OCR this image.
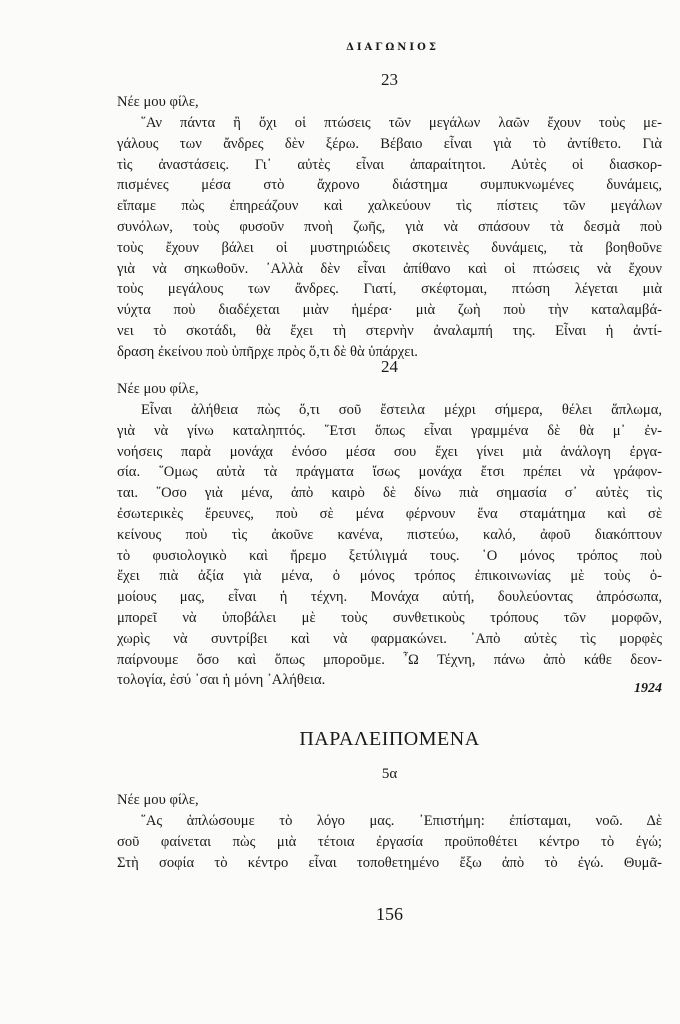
ΔΙΑΓΩΝΙΟΣ
23
Νέε μου φίλε,
῞Αν πάντα ἢ ὄχι οἱ πτώσεις τῶν μεγάλων λαῶν ἔχουν τοὺς με-
γάλους των ἄνδρες δὲν ξέρω. Βέβαιο εἶναι γιὰ τὸ ἀντίθετο. Γιὰ
τὶς ἀναστάσεις. Γι᾿ αὐτὲς εἶναι ἀπαραίτητοι. Αὐτὲς οἱ διασκορ-
πισμένες μέσα στὸ ἄχρονο διάστημα συμπυκνωμένες δυνάμεις,
εἴπαμε πὼς ἐπηρεάζουν καὶ χαλκεύουν τὶς πίστεις τῶν μεγάλων
συνόλων, τοὺς φυσοῦν πνοὴ ζωῆς, γιὰ νὰ σπάσουν τὰ δεσμὰ ποὺ
τοὺς ἔχουν βάλει οἱ μυστηριώδεις σκοτεινὲς δυνάμεις, τὰ βοηθοῦνε
γιὰ νὰ σηκωθοῦν. ᾿Αλλὰ δὲν εἶναι ἀπίθανο καὶ οἱ πτώσεις νὰ ἔχουν
τοὺς μεγάλους των ἄνδρες. Γιατί, σκέφτομαι, πτώση λέγεται μιὰ
νύχτα ποὺ διαδέχεται μιὰν ἡμέρα· μιὰ ζωὴ ποὺ τὴν καταλαμβά-
νει τὸ σκοτάδι, θὰ ἔχει τὴ στερνὴν ἀναλαμπή της. Εἶναι ἡ ἀντί-
δραση ἐκείνου ποὺ ὑπῆρχε πρὸς ὅ,τι δὲ θὰ ὑπάρχει.
24
Νέε μου φίλε,
Εἶναι ἀλήθεια πὼς ὅ,τι σοῦ ἔστειλα μέχρι σήμερα, θέλει ἅπλωμα,
γιὰ νὰ γίνω καταληπτός. ῞Ετσι ὅπως εἶναι γραμμένα δὲ θὰ μ᾿ ἐν-
νοήσεις παρὰ μονάχα ἐνόσο μέσα σου ἔχει γίνει μιὰ ἀνάλογη ἐργα-
σία. ῞Ομως αὐτὰ τὰ πράγματα ἴσως μονάχα ἔτσι πρέπει νὰ γράφον-
ται. ῞Οσο γιὰ μένα, ἀπὸ καιρὸ δὲ δίνω πιὰ σημασία σ᾿ αὐτὲς τὶς
ἐσωτερικὲς ἔρευνες, ποὺ σὲ μένα φέρνουν ἕνα σταμάτημα καὶ σὲ
κείνους ποὺ τὶς ἀκοῦνε κανένα, πιστεύω, καλό, ἀφοῦ διακόπτουν
τὸ φυσιολογικὸ καὶ ἤρεμο ξετύλιγμά τους. ῾Ο μόνος τρόπος ποὺ
ἔχει πιὰ ἀξία γιὰ μένα, ὁ μόνος τρόπος ἐπικοινωνίας μὲ τοὺς ὁ-
μοίους μας, εἶναι ἡ τέχνη. Μονάχα αὐτή, δουλεύοντας ἀπρόσωπα,
μπορεῖ νὰ ὑποβάλει μὲ τοὺς συνθετικοὺς τρόπους τῶν μορφῶν,
χωρὶς νὰ συντρίβει καὶ νὰ φαρμακώνει. ᾿Απὸ αὐτὲς τὶς μορφὲς
παίρνουμε ὅσο καὶ ὅπως μποροῦμε. ῏Ω Τέχνη, πάνω ἀπὸ κάθε δεον-
τολογία, ἐσύ ᾿σαι ἡ μόνη ᾿Αλήθεια.
1924
ΠΑΡΑΛΕΙΠΟΜΕΝΑ
5α
Νέε μου φίλε,
῞Ας ἁπλώσουμε τὸ λόγο μας. ᾿Επιστήμη: ἐπίσταμαι, νοῶ. Δὲ
σοῦ φαίνεται πὼς μιὰ τέτοια ἐργασία προϋποθέτει κέντρο τὸ ἐγώ;
Στὴ σοφία τὸ κέντρο εἶναι τοποθετημένο ἔξω ἀπὸ τὸ ἐγώ. Θυμᾶ-
156
